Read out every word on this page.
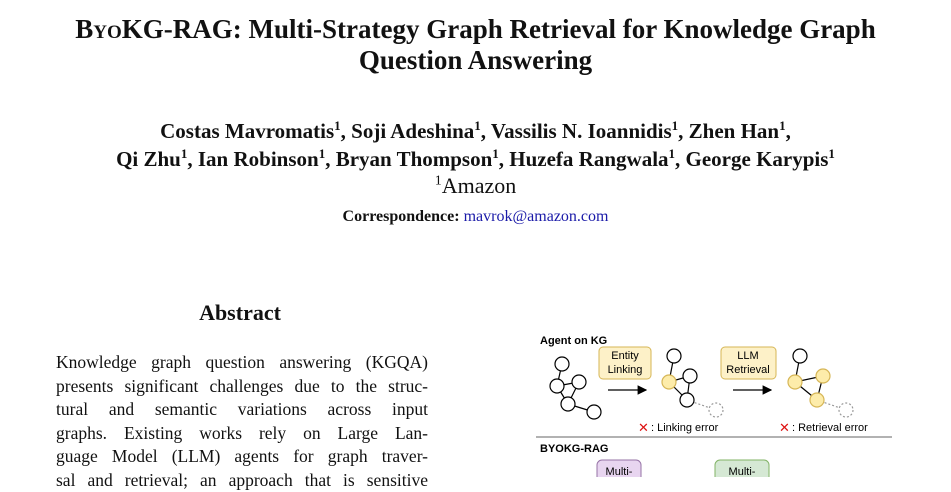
ByoKG-RAG: Multi-Strategy Graph Retrieval for Knowledge Graph
Question Answering
Costas Mavromatis$^1$, Soji Adeshina$^1$, Vassilis N. Ioannidis$^1$, Zhen Han$^1$,
Qi Zhu$^1$, Ian Robinson$^1$, Bryan Thompson$^1$, Huzefa Rangwala$^1$, George Karypis$^1$
$^1$Amazon
Correspondence: mavrok@amazon.com
Abstract
Knowledge graph question answering (KGQA)
presents significant challenges due to the struc-
tural and semantic variations across input
graphs. Existing works rely on Large Lan-
guage Model (LLM) agents for graph traver-
sal and retrieval; an approach that is sensitive
Agent on KG
Entity
Linking
LLM
Retrieval
✕ : Linking error	✕ : Retrieval error
BYOKG-RAG
Multi-	Multi-
